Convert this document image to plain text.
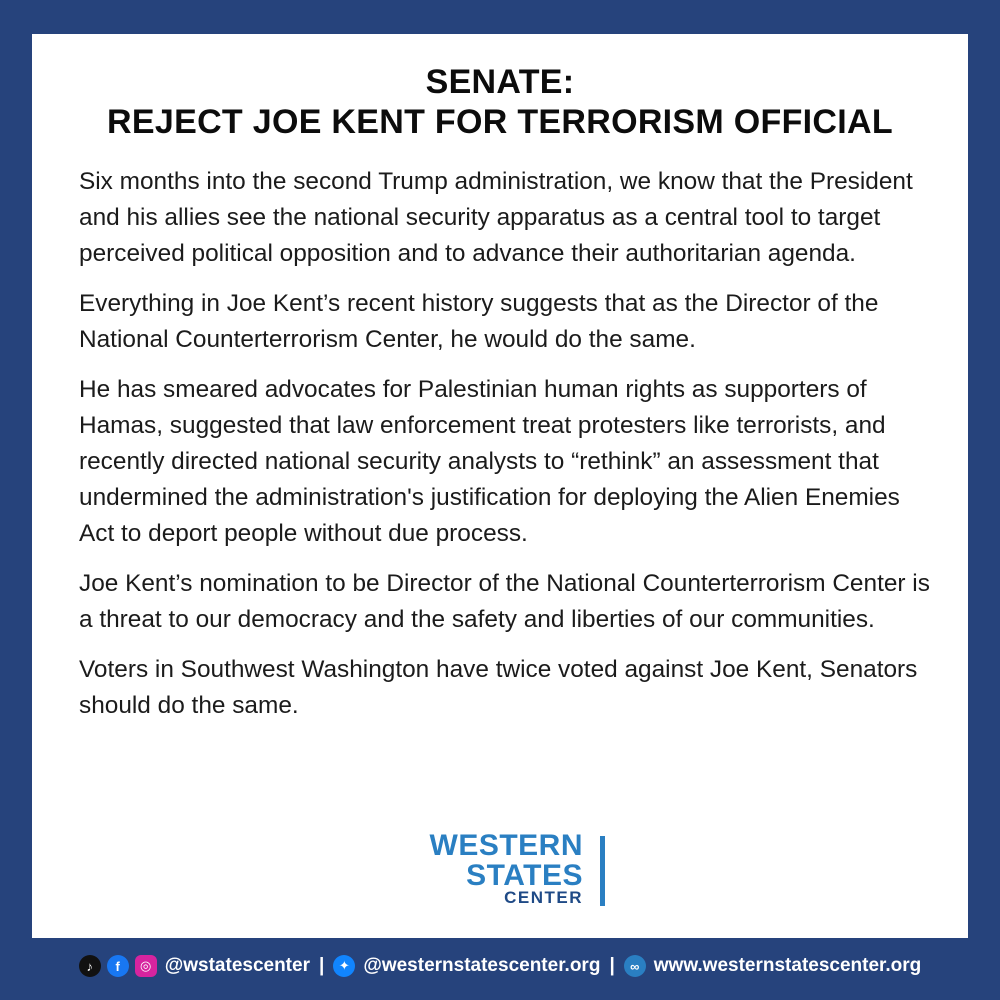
SENATE:
REJECT JOE KENT FOR TERRORISM OFFICIAL

Six months into the second Trump administration, we know that the President and his allies see the national security apparatus as a central tool to target perceived political opposition and to advance their authoritarian agenda.

Everything in Joe Kent’s recent history suggests that as the Director of the National Counterterrorism Center, he would do the same.

He has smeared advocates for Palestinian human rights as supporters of Hamas, suggested that law enforcement treat protesters like terrorists, and recently directed national security analysts to “rethink” an assessment that undermined the administration's justification for deploying the Alien Enemies Act to deport people without due process.

Joe Kent’s nomination to be Director of the National Counterterrorism Center is a threat to our democracy and the safety and liberties of our communities.

Voters in Southwest Washington have twice voted against Joe Kent, Senators should do the same.

WESTERN
STATES
CENTER
♪	f	◎ @wstatescenter |	✦ @westernstatescenter.org |	∞ www.westernstatescenter.org
